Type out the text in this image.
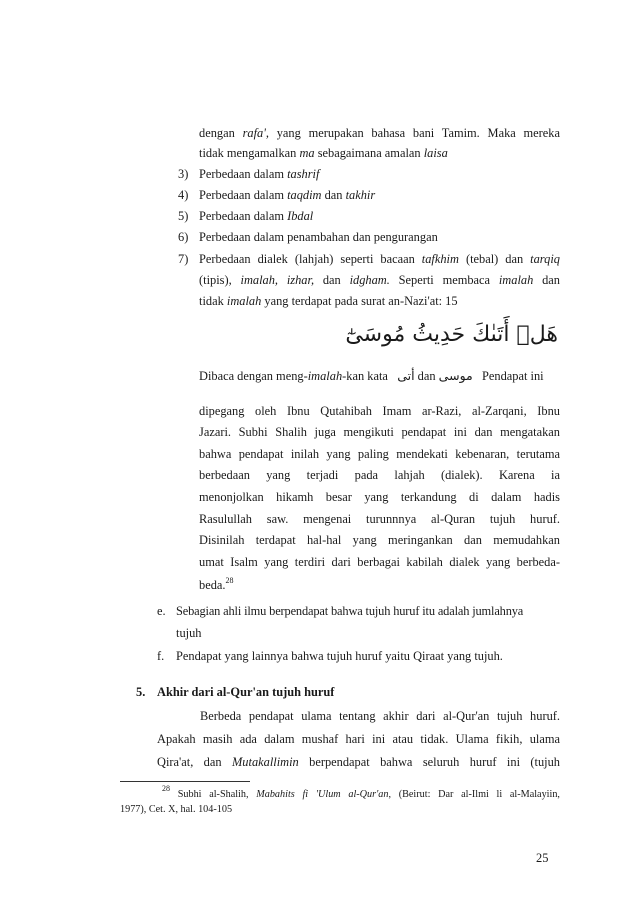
dengan rafa', yang merupakan bahasa bani Tamim. Maka mereka
tidak mengamalkan ma sebagaimana amalan laisa
3) Perbedaan dalam tashrif
4) Perbedaan dalam taqdim dan takhir
5) Perbedaan dalam Ibdal
6) Perbedaan dalam penambahan dan pengurangan
7) Perbedaan dialek (lahjah) seperti bacaan tafkhim (tebal) dan tarqiq
(tipis), imalah, izhar, dan idgham. Seperti membaca imalah dan
tidak imalah yang terdapat pada surat an-Nazi'at: 15
هَلۡ أَتَىٰكَ حَدِيثُ مُوسَىٰٓ
Dibaca dengan meng-imalah-kan kata   أتى dan موسى   Pendapat ini
dipegang oleh Ibnu Qutahibah Imam ar-Razi, al-Zarqani, Ibnu
Jazari. Subhi Shalih juga mengikuti pendapat ini dan mengatakan
bahwa pendapat inilah yang paling mendekati kebenaran, terutama
berbedaan yang terjadi pada lahjah (dialek). Karena ia
menonjolkan hikamh besar yang terkandung di dalam hadis
Rasulullah saw. mengenai turunnnya al-Quran tujuh huruf.
Disinilah terdapat hal-hal yang meringankan dan memudahkan
umat Isalm yang terdiri dari berbagai kabilah dialek yang berbeda-
beda.$^{28}$
e. Sebagian ahli ilmu berpendapat bahwa tujuh huruf itu adalah jumlahnya
tujuh
f. Pendapat yang lainnya bahwa tujuh huruf yaitu Qiraat yang tujuh.
5. Akhir dari al-Qur'an tujuh huruf
Berbeda pendapat ulama tentang akhir dari al-Qur'an tujuh huruf.
Apakah masih ada dalam mushaf hari ini atau tidak. Ulama fikih, ulama
Qira'at, dan Mutakallimin berpendapat bahwa seluruh huruf ini (tujuh
$^{28}$ Subhi al-Shalih, Mabahits fi 'Ulum al-Qur'an, (Beirut: Dar al-Ilmi li al-Malayiin,
1977), Cet. X, hal. 104-105
25
